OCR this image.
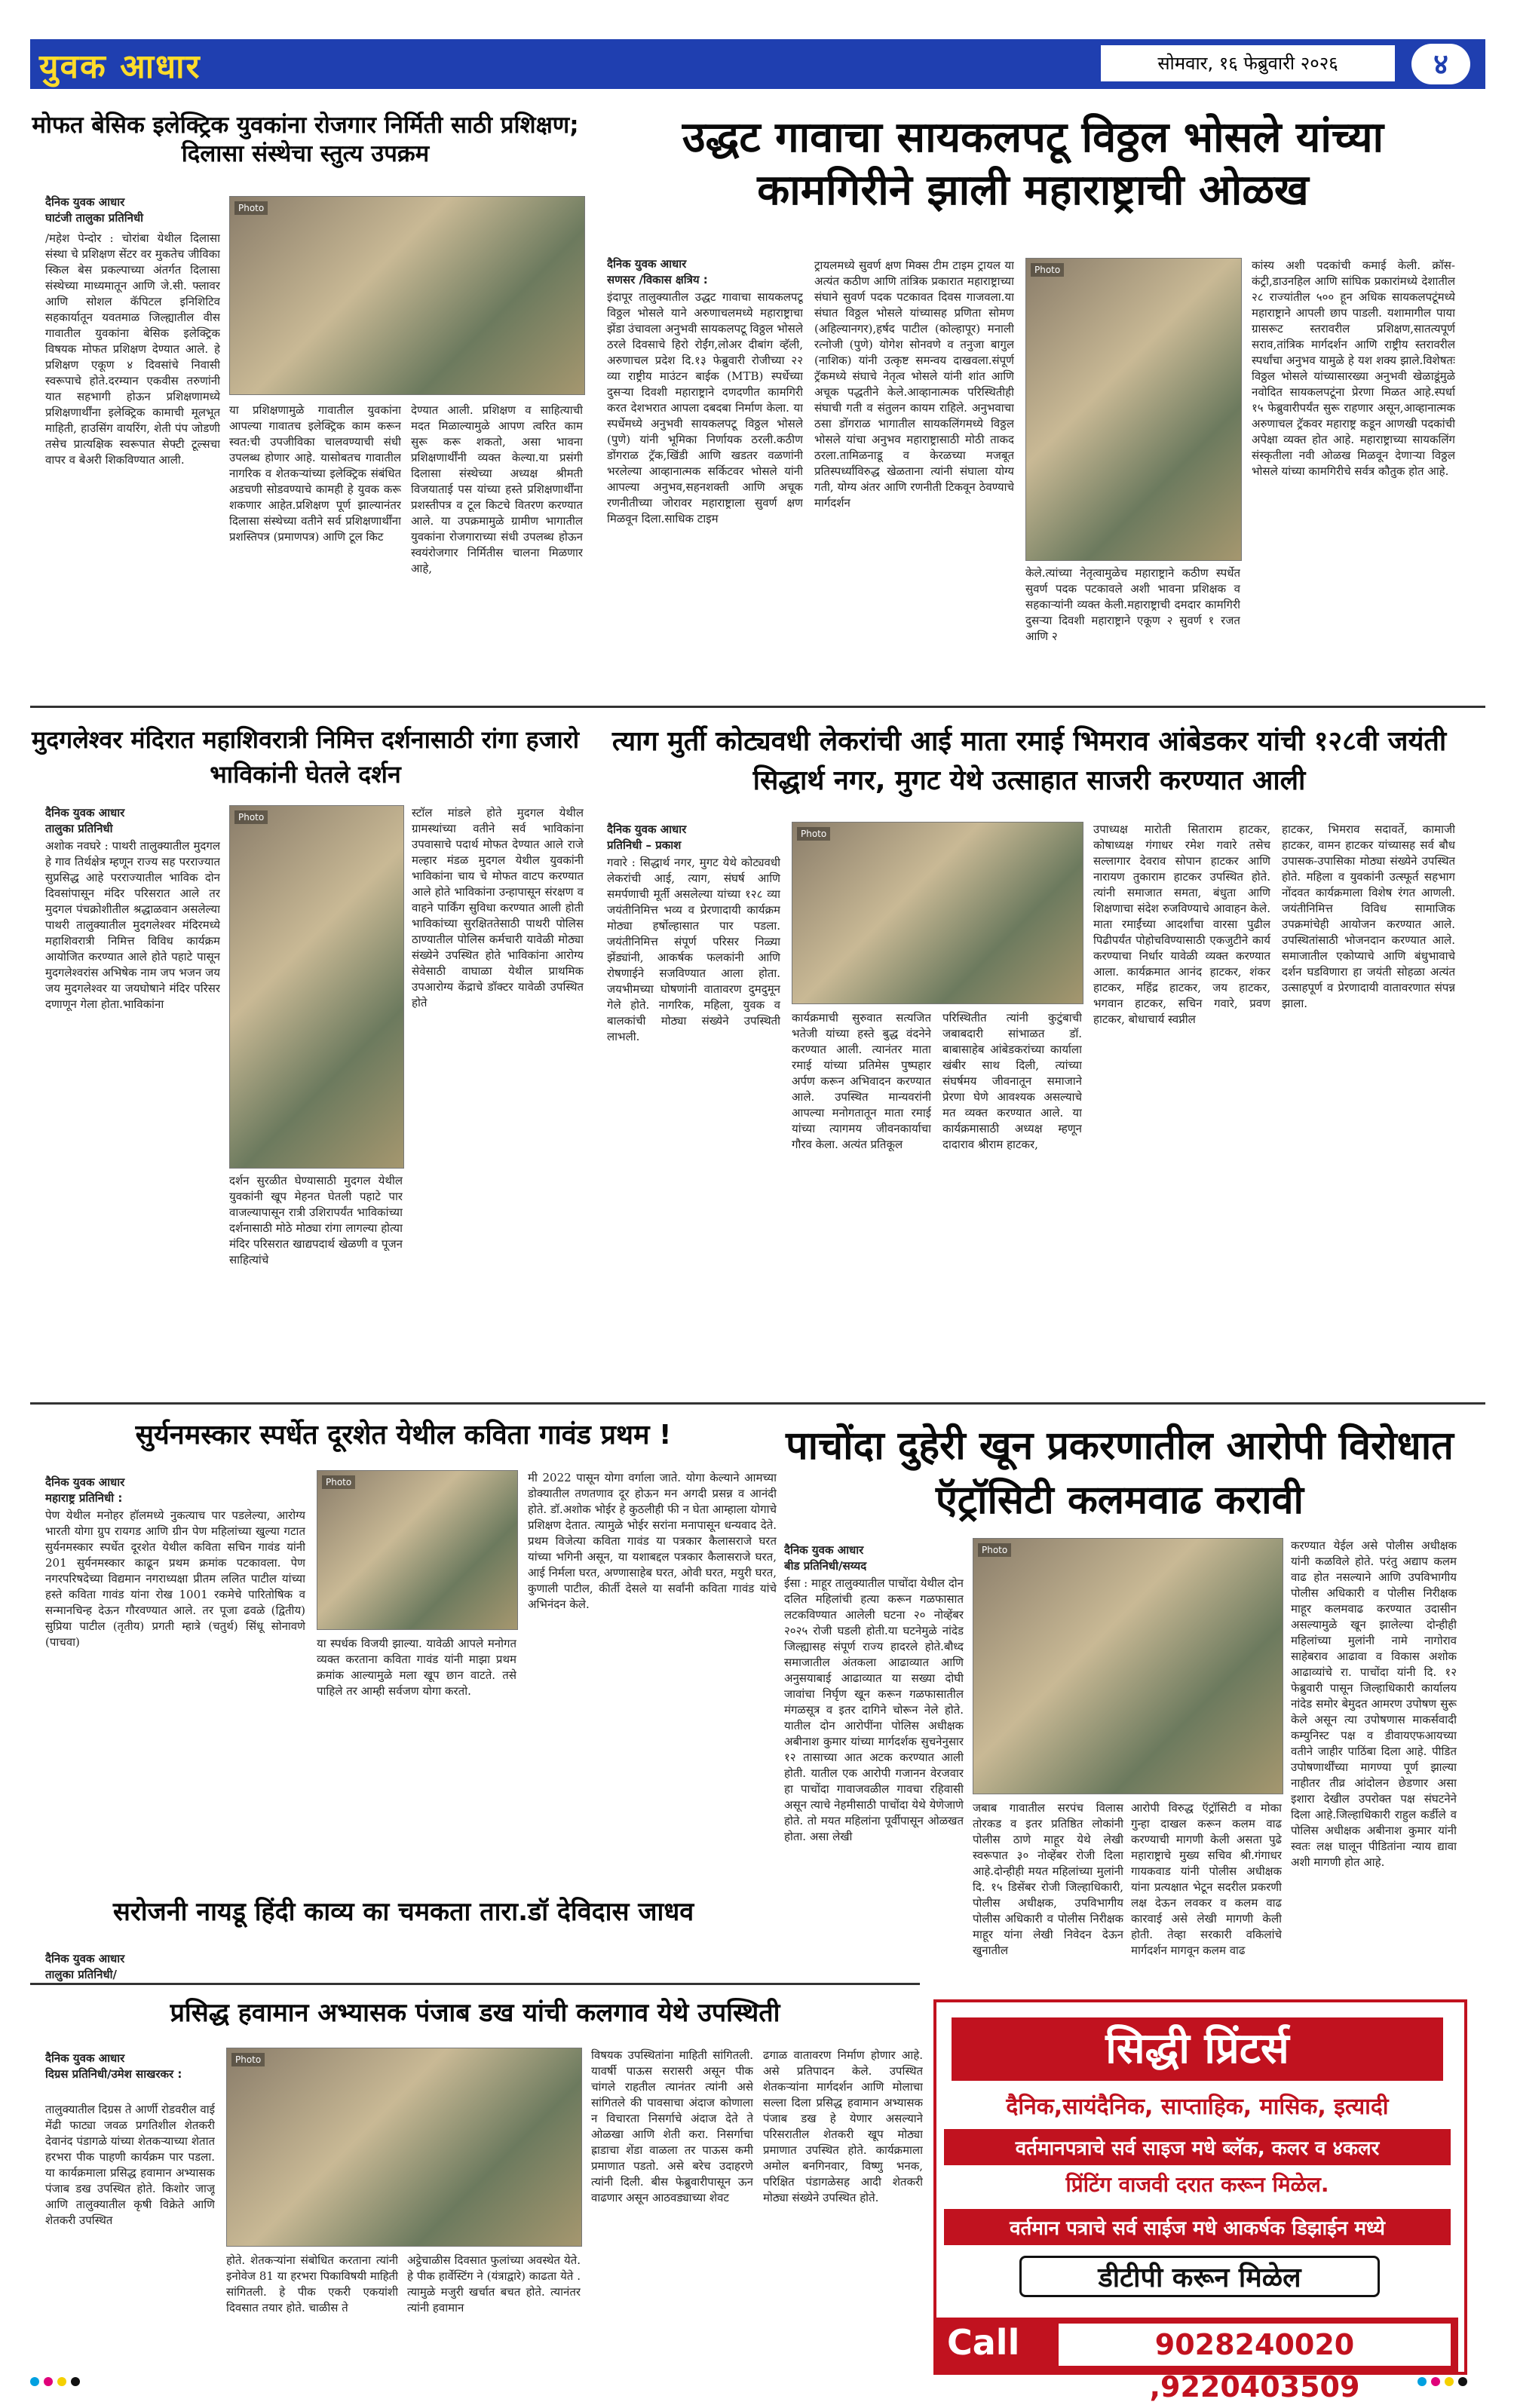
युवक आधार	सोमवार, १६ फेब्रुवारी २०२६	४
मोफत बेसिक इलेक्ट्रिक युवकांना रोजगार निर्मिती साठी प्रशिक्षण; दिलासा संस्थेचा स्तुत्य उपक्रम
दैनिक युवक आधार
घाटंजी तालुका प्रतिनिधी
/महेश पेन्दोर : चोरांबा येथील दिलासा संस्था चे प्रशिक्षण सेंटर वर मुकतेच जीविका स्किल बेस प्रकल्पाच्या अंतर्गत दिलासा संस्थेच्या माध्यमातून आणि जे.सी. फ्लावर आणि सोशल कॅपिटल इनिशिटिव सहकार्यातून यवतमाळ जिल्ह्यातील वीस गावातील युवकांना बेसिक इलेक्ट्रिक विषयक मोफत प्रशिक्षण देण्यात आले. हे प्रशिक्षण एकूण ४ दिवसांचे निवासी स्वरूपाचे होते.दरम्यान एकवीस तरुणांनी यात सहभागी होऊन प्रशिक्षणामध्ये प्रशिक्षणार्थींना इलेक्ट्रिक कामाची मूलभूत माहिती, हाउसिंग वायरिंग, शेती पंप जोडणी तसेच प्रात्यक्षिक स्वरूपात सेफ्टी टूल्सचा वापर व बेअरी शिकविण्यात आली.
Photo
या प्रशिक्षणामुळे गावातील युवकांना आपल्या गावातच इलेक्ट्रिक काम करून स्वत:ची उपजीविका चालवण्याची संधी उपलब्ध होणार आहे. यासोबतच गावातील नागरिक व शेतकऱ्यांच्या इलेक्ट्रिक संबंधित अडचणी सोडवण्याचे कामही हे युवक करू शकणार आहेत.प्रशिक्षण पूर्ण झाल्यानंतर दिलासा संस्थेच्या वतीने सर्व प्रशिक्षणार्थींना प्रशस्तिपत्र (प्रमाणपत्र) आणि टूल किट
देण्यात आली. प्रशिक्षण व साहित्याची मदत मिळाल्यामुळे आपण त्वरित काम सुरू करू शकतो, असा भावना प्रशिक्षणार्थींनी व्यक्त केल्या.या प्रसंगी दिलासा संस्थेच्या अध्यक्ष श्रीमती विजयाताई पस यांच्या हस्ते प्रशिक्षणार्थींना प्रशस्तीपत्र व टूल किटचे वितरण करण्यात आले. या उपक्रमामुळे ग्रामीण भागातील युवकांना रोजगाराच्या संधी उपलब्ध होऊन स्वयंरोजगार निर्मितीस चालना मिळणार आहे,
उद्धट गावाचा सायकलपटू विठ्ठल भोसले यांच्या कामगिरीने झाली महाराष्ट्राची ओळख
दैनिक युवक आधार
सणसर /विकास क्षत्रिय :
इंदापूर तालुक्यातील उद्धट गावाचा सायकलपटू विठ्ठल भोसले याने अरुणाचलमध्ये महाराष्ट्राचा झेंडा उंचावला अनुभवी सायकलपटू विठ्ठल भोसले ठरले दिवसाचे हिरो रोईंग,लोअर दीबांग व्हॅली, अरुणाचल प्रदेश दि.१३ फेब्रुवारी रोजीच्या २२ व्या राष्ट्रीय माउंटन बाईक (MTB) स्पर्धेच्या दुसऱ्या दिवशी महाराष्ट्राने दणदणीत कामगिरी करत देशभरात आपला दबदबा निर्माण केला. या स्पर्धेमध्ये अनुभवी सायकलपटू विठ्ठल भोसले (पुणे) यांनी भूमिका निर्णायक ठरली.कठीण डोंगराळ ट्रॅक,खिंडी आणि खडतर वळणांनी भरलेल्या आव्हानात्मक सर्किटवर भोसले यांनी आपल्या अनुभव,सहनशक्ती आणि अचूक रणनीतीच्या जोरावर महाराष्ट्राला सुवर्ण क्षण मिळवून दिला.साधिक टाइम
ट्रायलमध्ये सुवर्ण क्षण मिक्स टीम टाइम ट्रायल या अत्यंत कठीण आणि तांत्रिक प्रकारात महाराष्ट्राच्या संघाने सुवर्ण पदक पटकावत दिवस गाजवला.या संघात विठ्ठल भोसले यांच्यासह प्रणिता सोमण (अहिल्यानगर),हर्षद पाटील (कोल्हापूर) मनाली रत्नोजी (पुणे) योगेश सोनवणे व तनुजा बागुल (नाशिक) यांनी उत्कृष्ट समन्वय दाखवला.संपूर्ण ट्रॅकमध्ये संघाचे नेतृत्व भोसले यांनी शांत आणि अचूक पद्धतीने केले.आव्हानात्मक परिस्थितीही संघाची गती व संतुलन कायम राहिले. अनुभवाचा ठसा डोंगराळ भागातील सायकलिंगमध्ये विठ्ठल भोसले यांचा अनुभव महाराष्ट्रासाठी मोठी ताकद ठरला.तामिळनाडू व केरळच्या मजबूत प्रतिस्पर्ध्यांविरुद्ध खेळताना त्यांनी संघाला योग्य गती, योग्य अंतर आणि रणनीती टिकवून ठेवण्याचे मार्गदर्शन
Photo
केले.त्यांच्या नेतृत्वामुळेच महाराष्ट्राने कठीण स्पर्धेत सुवर्ण पदक पटकावले अशी भावना प्रशिक्षक व सहकाऱ्यांनी व्यक्त केली.महाराष्ट्राची दमदार कामगिरी दुसऱ्या दिवशी महाराष्ट्राने एकूण २ सुवर्ण १ रजत आणि २
कांस्य अशी पदकांची कमाई केली. क्रॉस-कंट्री,डाउनहिल आणि सांघिक प्रकारांमध्ये देशातील २८ राज्यांतील ५०० हून अधिक सायकलपटूंमध्ये महाराष्ट्राने आपली छाप पाडली. यशामागील पाया ग्रासरूट स्तरावरील प्रशिक्षण,सातत्यपूर्ण सराव,तांत्रिक मार्गदर्शन आणि राष्ट्रीय स्तरावरील स्पर्धांचा अनुभव यामुळे हे यश शक्य झाले.विशेषतः विठ्ठल भोसले यांच्यासारख्या अनुभवी खेळाडूंमुळे नवोदित सायकलपटूंना प्रेरणा मिळत आहे.स्पर्धा १५ फेब्रुवारीपर्यंत सुरू राहणार असून,आव्हानात्मक अरुणाचल ट्रॅकवर महाराष्ट्र कडून आणखी पदकांची अपेक्षा व्यक्त होत आहे. महाराष्ट्राच्या सायकलिंग संस्कृतीला नवी ओळख मिळवून देणाऱ्या विठ्ठल भोसले यांच्या कामगिरीचे सर्वत्र कौतुक होत आहे.
मुदगलेश्वर मंदिरात महाशिवरात्री निमित्त दर्शनासाठी रांगा हजारो भाविकांनी घेतले दर्शन
दैनिक युवक आधार
तालुका प्रतिनिधी
अशोक नवघरे : पाथरी तालुक्यातील मुदगल हे गाव तिर्थक्षेत्र म्हणून राज्य सह परराज्यात सुप्रसिद्ध आहे परराज्यातील भाविक दोन दिवसांपासून मंदिर परिसरात आले तर मुदगल पंचक्रोशीतील श्रद्धाळवान असलेल्या पाथरी तालुक्यातील मुदगलेश्वर मंदिरमध्ये महाशिवरात्री निमित्त विविध कार्यक्रम आयोजित करण्यात आले होते पहाटे पासून मुदगलेश्वरांस अभिषेक नाम जप भजन जय जय मुदगलेश्वर या जयघोषाने मंदिर परिसर दणाणून गेला होता.भाविकांना
Photo
दर्शन सुरळीत घेण्यासाठी मुदगल येथील युवकांनी खूप मेहनत घेतली पहाटे पार वाजल्यापासून रात्री उशिरापर्यंत भाविकांच्या दर्शनासाठी मोठे मोठ्या रांगा लागल्या होत्या मंदिर परिसरात खाद्यपदार्थ खेळणी व पूजन साहित्यांचे
स्टॉल मांडले होते मुदगल येथील ग्रामस्थांच्या वतीने सर्व भाविकांना उपवासाचे पदार्थ मोफत देण्यात आले राजे मल्हार मंडळ मुदगल येथील युवकांनी भाविकांना चाय चे मोफत वाटप करण्यात आले होते भाविकांना उन्हापासून संरक्षण व वाहने पार्किंग सुविधा करण्यात आली होती भाविकांच्या सुरक्षिततेसाठी पाथरी पोलिस ठाण्यातील पोलिस कर्मचारी यावेळी मोठ्या संख्येने उपस्थित होते भाविकांना आरोग्य सेवेसाठी वाघाळा येथील प्राथमिक उपआरोग्य केंद्राचे डॉक्टर यावेळी उपस्थित होते
त्याग मुर्ती कोट्यवधी लेकरांची आई माता रमाई भिमराव आंबेडकर यांची १२८वी जयंती सिद्धार्थ नगर, मुगट येथे उत्साहात साजरी करण्यात आली
दैनिक युवक आधार
प्रतिनिधी – प्रकाश
गवारे : सिद्धार्थ नगर, मुगट येथे कोट्यवधी लेकरांची आई, त्याग, संघर्ष आणि समर्पणाची मूर्ती असलेल्या यांच्या १२८ व्या जयंतीनिमित्त भव्य व प्रेरणादायी कार्यक्रम मोठ्या हर्षोल्हासात पार पडला. जयंतीनिमित्त संपूर्ण परिसर निळ्या झेंड्यांनी, आकर्षक फलकांनी आणि रोषणाईने सजविण्यात आला होता. जयभीमच्या घोषणांनी वातावरण दुमदुमून गेले होते. नागरिक, महिला, युवक व बालकांची मोठ्या संख्येने उपस्थिती लाभली.
Photo
कार्यक्रमाची सुरुवात सत्यजित भतेजी यांच्या हस्ते बुद्ध वंदनेने करण्यात आली. त्यानंतर माता रमाई यांच्या प्रतिमेस पुष्पहार अर्पण करून अभिवादन करण्यात आले. उपस्थित मान्यवरांनी आपल्या मनोगतातून माता रमाई यांच्या त्यागमय जीवनकार्याचा गौरव केला. अत्यंत प्रतिकूल
परिस्थितीत त्यांनी कुटुंबाची जबाबदारी सांभाळत डॉ. बाबासाहेब आंबेडकरांच्या कार्याला खंबीर साथ दिली, त्यांच्या संघर्षमय जीवनातून समाजाने प्रेरणा घेणे आवश्यक असल्याचे मत व्यक्त करण्यात आले. या कार्यक्रमासाठी अध्यक्ष म्हणून दादाराव श्रीराम हाटकर,
उपाध्यक्ष मारोती सिताराम हाटकर, कोषाध्यक्ष गंगाधर रमेश गवारे तसेच सल्लागार देवराव सोपान हाटकर आणि नारायण तुकाराम हाटकर उपस्थित होते. त्यांनी समाजात समता, बंधुता आणि शिक्षणाचा संदेश रुजविण्याचे आवाहन केले. माता रमाईंच्या आदर्शांचा वारसा पुढील पिढीपर्यंत पोहोचविण्यासाठी एकजुटीने कार्य करण्याचा निर्धार यावेळी व्यक्त करण्यात आला. कार्यक्रमात आनंद हाटकर, शंकर हाटकर, महिंद्र हाटकर, जय हाटकर, भगवान हाटकर, सचिन गवारे, प्रवण हाटकर, बोधाचार्य स्वप्नील
हाटकर, भिमराव सदावर्ते, कामाजी हाटकर, वामन हाटकर यांच्यासह सर्व बौध उपासक-उपासिका मोठ्या संख्येने उपस्थित होते. महिला व युवकांनी उत्स्फूर्त सहभाग नोंदवत कार्यक्रमाला विशेष रंगत आणली. जयंतीनिमित्त विविध सामाजिक उपक्रमांचेही आयोजन करण्यात आले. उपस्थितांसाठी भोजनदान करण्यात आले. समाजातील एकोप्याचे आणि बंधुभावाचे दर्शन घडविणारा हा जयंती सोहळा अत्यंत उत्साहपूर्ण व प्रेरणादायी वातावरणात संपन्न झाला.
सुर्यनमस्कार स्पर्धेत दूरशेत येथील कविता गावंड प्रथम !
दैनिक युवक आधार
महाराष्ट्र प्रतिनिधी :
पेण येथील मनोहर हॉलमध्ये नुकत्याच पार पडलेल्या, आरोग्य भारती योगा ग्रुप रायगड आणि ग्रीन पेण महिलांच्या खुल्या गटात सुर्यनमस्कार स्पर्धेत दूरशेत येथील कविता सचिन गावंड यांनी 201 सुर्यनमस्कार काढून प्रथम क्रमांक पटकावला. पेण नगरपरिषदेच्या विद्यमान नगराध्यक्षा प्रीतम ललित पाटील यांच्या हस्ते कविता गावंड यांना रोख 1001 रकमेचे पारितोषिक व सन्मानचिन्ह देऊन गौरवण्यात आले. तर पूजा ढवळे (द्वितीय) सुप्रिया पाटील (तृतीय) प्रगती म्हात्रे (चतुर्थ) सिंधू सोनावणे (पाचवा)
Photo
या स्पर्धक विजयी झाल्या. यावेळी आपले मनोगत व्यक्त करताना कविता गावंड यांनी माझा प्रथम क्रमांक आल्यामुळे मला खूप छान वाटते. तसे पाहिले तर आम्ही सर्वजण योगा करतो.
मी 2022 पासून योगा वर्गाला जाते. योगा केल्याने आमच्या डोक्यातील तणतणाव दूर होऊन मन अगदी प्रसन्न व आनंदी होते. डॉ.अशोक भोईर हे कुठलीही फी न घेता आम्हाला योगाचे प्रशिक्षण देतात. त्यामुळे भोईर सरांना मनापासून धन्यवाद देते. प्रथम विजेत्या कविता गावंड या पत्रकार कैलासराजे घरत यांच्या भगिनी असून, या यशाबद्दल पत्रकार कैलासराजे घरत, आई निर्मला घरत, अण्णासाहेब घरत, ओवी घरत, मयुरी घरत, कुणाली पाटील, कीर्ती देसले या सर्वांनी कविता गावंड यांचे अभिनंदन केले.
पाचोंदा दुहेरी खून प्रकरणातील आरोपी विरोधात ऍट्रॉसिटी कलमवाढ करावी
दैनिक युवक आधार
बीड प्रतिनिधी/सय्यद
ईसा : माहूर तालुक्यातील पाचोंदा येथील दोन दलित महिलांची हत्या करून गळफासात लटकविण्यात आलेली घटना २० नोव्हेंबर २०२५ रोजी घडली होती.या घटनेमुळे नांदेड जिल्ह्यासह संपूर्ण राज्य हादरले होते.बौध्द समाजातील अंतकला आढाव्यात आणि अनुसयाबाई आढाव्यात या सख्या दोघी जावांचा निर्घृण खून करून गळफासातील मंगळसूत्र व इतर दागिने चोरून नेले होते. यातील दोन आरोपींना पोलिस अधीक्षक अबीनाश कुमार यांच्या मार्गदर्शक सुचनेनुसार १२ तासाच्या आत अटक करण्यात आली होती. यातील एक आरोपी गजानन वेरजवार हा पाचोंदा गावाजवळील गावचा रहिवासी असून त्याचे नेहमीसाठी पाचोंदा येथे येणेजाणे होते. तो मयत महिलांना पूर्वीपासून ओळखत होता. असा लेखी
Photo
जबाब गावातील सरपंच विलास तोरकड व इतर प्रतिष्ठित लोकांनी पोलीस ठाणे माहूर येथे लेखी स्वरूपात ३० नोव्हेंबर रोजी दिला आहे.दोन्हीही मयत महिलांच्या मुलांनी दि. १५ डिसेंबर रोजी जिल्हाधिकारी, पोलीस अधीक्षक, उपविभागीय पोलीस अधिकारी व पोलीस निरीक्षक माहूर यांना लेखी निवेदन देऊन खुनातील
आरोपी विरुद्ध ऍट्रॉसिटी व मोका गुन्हा दाखल करून कलम वाढ करण्याची मागणी केली असता पुढे महाराष्ट्राचे मुख्य सचिव श्री.गंगाधर गायकवाड यांनी पोलीस अधीक्षक यांना प्रत्यक्षात भेटून सदरील प्रकरणी लक्ष देऊन लवकर व कलम वाढ कारवाई असे लेखी मागणी केली होती. तेव्हा सरकारी वकिलांचे मार्गदर्शन मागवून कलम वाढ
करण्यात येईल असे पोलीस अधीक्षक यांनी कळविले होते. परंतु अद्याप कलम वाढ होत नसल्याने आणि उपविभागीय पोलीस अधिकारी व पोलीस निरीक्षक माहूर कलमवाढ करण्यात उदासीन असल्यामुळे खून झालेल्या दोन्हीही महिलांच्या मुलांनी नामे नागोराव साहेबराव आढावा व विकास अशोक आढाव्यांचे रा. पाचोंदा यांनी दि. १२ फेब्रुवारी पासून जिल्हाधिकारी कार्यालय नांदेड समोर बेमुदत आमरण उपोषण सुरू केले असून त्या उपोषणास माकर्सवादी कम्युनिस्ट पक्ष व डीवायएफआयच्या वतीने जाहीर पाठिंबा दिला आहे. पीडित उपोषणार्थींच्या मागण्या पूर्ण झाल्या नाहीतर तीव्र आंदोलन छेडणार असा इशारा देखील उपरोक्त पक्ष संघटनेने दिला आहे.जिल्हाधिकारी राहुल कर्डीले व पोलिस अधीक्षक अबीनाश कुमार यांनी स्वतः लक्ष घालून पीडितांना न्याय द्यावा अशी मागणी होत आहे.
सरोजनी नायडू हिंदी काव्य का चमकता तारा.डॉ देविदास जाधव
दैनिक युवक आधार
तालुका प्रतिनिधी/
प्रसिद्ध हवामान अभ्यासक पंजाब डख यांची कलगाव येथे उपस्थिती
दैनिक युवक आधार
दिग्रस प्रतिनिधी/उमेश साखरकर :
तालुक्यातील दिग्रस ते आर्णी रोडवरील वाई मेंढी फाट्या जवळ प्रगतिशील शेतकरी देवानंद पंडागळे यांच्या शेतकऱ्याच्या शेतात हरभरा पीक पाहणी कार्यक्रम पार पडला. या कार्यक्रमाला प्रसिद्ध हवामान अभ्यासक पंजाब डख उपस्थित होते. किशोर जाजू आणि तालुक्यातील कृषी विक्रेते आणि शेतकरी उपस्थित
Photo
होते. शेतकऱ्यांना संबोधित करताना त्यांनी इनोवेज 81 या हरभरा पिकाविषयी माहिती सांगितली. हे पीक एकरी एकयांशी दिवसात तयार होते. चाळीस ते
अट्ठेचाळीस दिवसात फुलांच्या अवस्थेत येते. हे पीक हार्वेस्टिंग ने (यंत्राद्वारे) काढता येते . त्यामुळे मजुरी खर्चात बचत होते. त्यानंतर त्यांनी हवामान
विषयक उपस्थितांना माहिती सांगितली. यावर्षी पाऊस सरासरी असून पीक चांगले राहतील त्यानंतर त्यांनी असे सांगितले की पावसाचा अंदाज कोणाला न विचारता निसर्गाचे अंदाज देते ते ओळखा आणि शेती करा. निसर्गाचा ह्राडाचा शेंडा वाळला तर पाऊस कमी प्रमाणात पडतो. असे बरेच उदाहरणे त्यांनी दिली. बीस फेब्रुवारीपासून ऊन वाढणार असून आठवड्याच्या शेवट
ढगाळ वातावरण निर्माण होणार आहे. असे प्रतिपादन केले. उपस्थित शेतकऱ्यांना मार्गदर्शन आणि मोलाचा सल्ला दिला प्रसिद्ध हवामान अभ्यासक पंजाब डख हे येणार असल्याने परिसरातील शेतकरी खूप मोठ्या प्रमाणात उपस्थित होते. कार्यक्रमाला अमोल बनगिनवार, विष्णु भनक, परिक्षित पंडागळेसह आदी शेतकरी मोठ्या संख्येने उपस्थित होते.
सिद्धी प्रिंटर्स
दैनिक,सायंदैनिक, साप्ताहिक, मासिक, इत्यादी
वर्तमानपत्राचे सर्व साइज मधे ब्लॅक, कलर व ४कलर
प्रिंटिंग वाजवी दरात करून मिळेल.
वर्तमान पत्राचे सर्व साईज मधे आकर्षक डिझाईन मध्ये
डीटीपी करून मिळेल
Call	9028240020 ,9220403509
